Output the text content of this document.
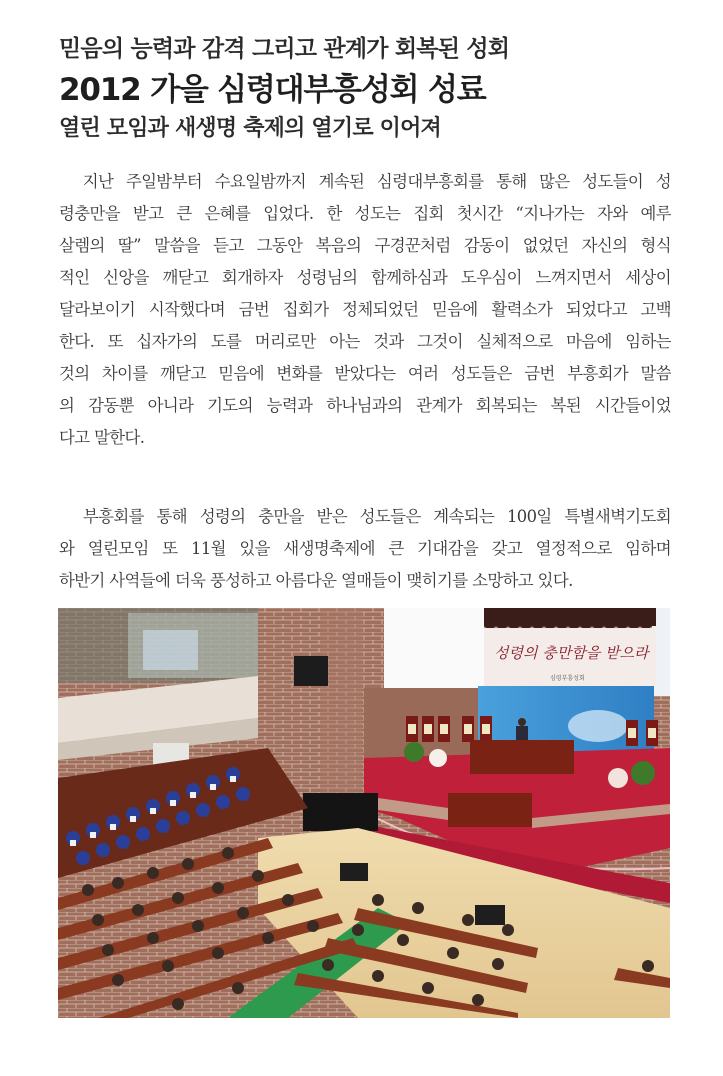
믿음의 능력과 감격 그리고 관계가 회복된 성회
2012 가을 심령대부흥성회 성료
열린 모임과 새생명 축제의 열기로 이어져
　지난 주일밤부터 수요일밤까지 계속된 심령대부흥회를 통해 많은 성도들이 성
령충만을 받고 큰 은혜를 입었다. 한 성도는 집회 첫시간 “지나가는 자와 예루
살렘의 딸” 말씀을 듣고 그동안 복음의 구경꾼처럼 감동이 없었던 자신의 형식
적인 신앙을 깨닫고 회개하자 성령님의 함께하심과 도우심이 느껴지면서 세상이
달라보이기 시작했다며 금번 집회가 정체되었던 믿음에 활력소가 되었다고 고백
한다. 또 십자가의 도를 머리로만 아는 것과 그것이 실체적으로 마음에 임하는
것의 차이를 깨닫고 믿음에 변화를 받았다는 여러 성도들은 금번 부흥회가 말씀
의 감동뿐 아니라 기도의 능력과 하나님과의 관계가 회복되는 복된 시간들이었
다고 말한다.
　부흥회를 통해 성령의 충만을 받은 성도들은 계속되는 100일 특별새벽기도회
와 열린모임 또 11월 있을 새생명축제에 큰 기대감을 갖고 열정적으로 임하며
하반기 사역들에 더욱 풍성하고 아름다운 열매들이 맺히기를 소망하고 있다.
성령의 충만함을 받으라
심령부흥성회
